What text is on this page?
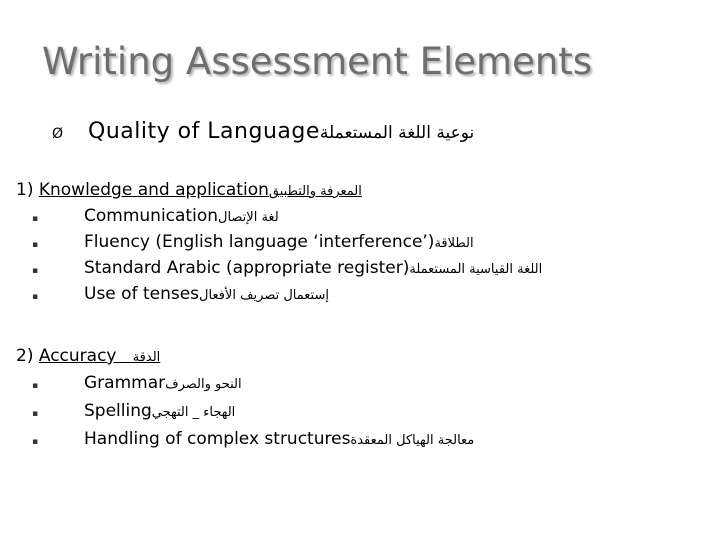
Writing Assessment Elements
Ø	Quality of Language نوعية اللغة المستعملة
1) Knowledge and applicationالمعرفة والتطبيق
▪	Communication لغة الإتصال
▪	Fluency (English language ‘interference’) الطلاقة
▪	Standard Arabic (appropriate register) اللغة القياسية المستعملة
▪	Use of tenses إستعمال تصريف الأفعال
2) Accuracy الدقة
▪	Grammar النحو والصرف
▪	Spelling الهجاء _ التهجي
▪	Handling of complex structures معالجة الهياكل المعقدة
